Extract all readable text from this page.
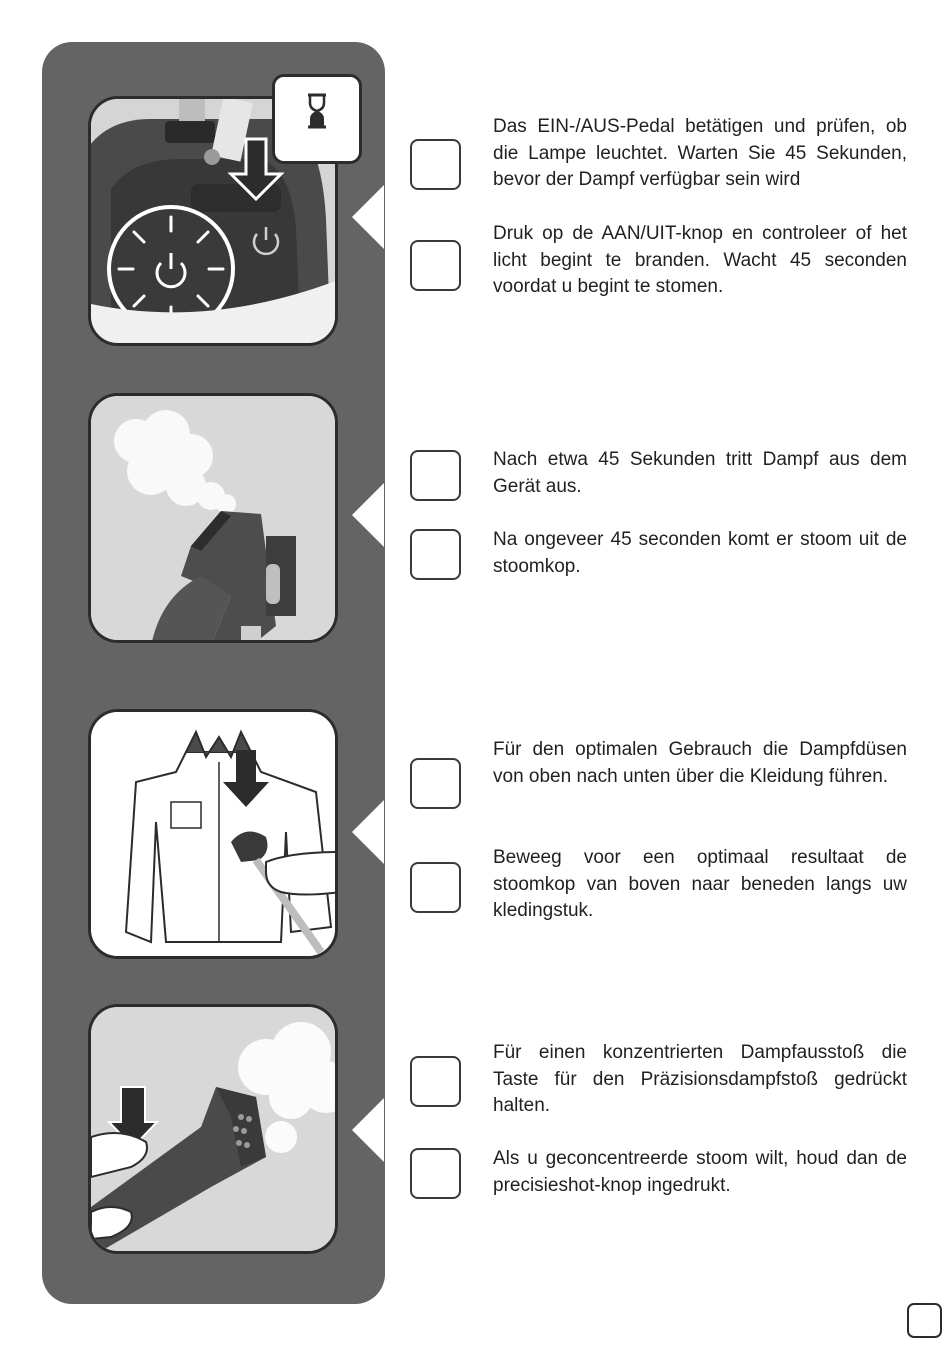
Das EIN-/AUS-Pedal betätigen und prüfen, ob die Lampe leuchtet. Warten Sie 45 Sekunden, bevor der Dampf verfügbar sein wird

Druk op de AAN/UIT-knop en controleer of het licht begint te branden. Wacht 45 seconden voordat u begint te stomen.

Nach etwa 45 Sekunden tritt Dampf aus dem Gerät aus.

Na ongeveer 45 seconden komt er stoom uit de stoomkop.

Für den optimalen Gebrauch die Dampfdüsen von oben nach unten über die Kleidung führen.

Beweeg voor een optimaal resultaat de stoomkop van boven naar beneden langs uw kledingstuk.

Für einen konzentrierten Dampfausstoß die Taste für den Präzisionsdampfstoß gedrückt halten.

Als u geconcentreerde stoom wilt, houd dan de precisieshot-knop ingedrukt.
